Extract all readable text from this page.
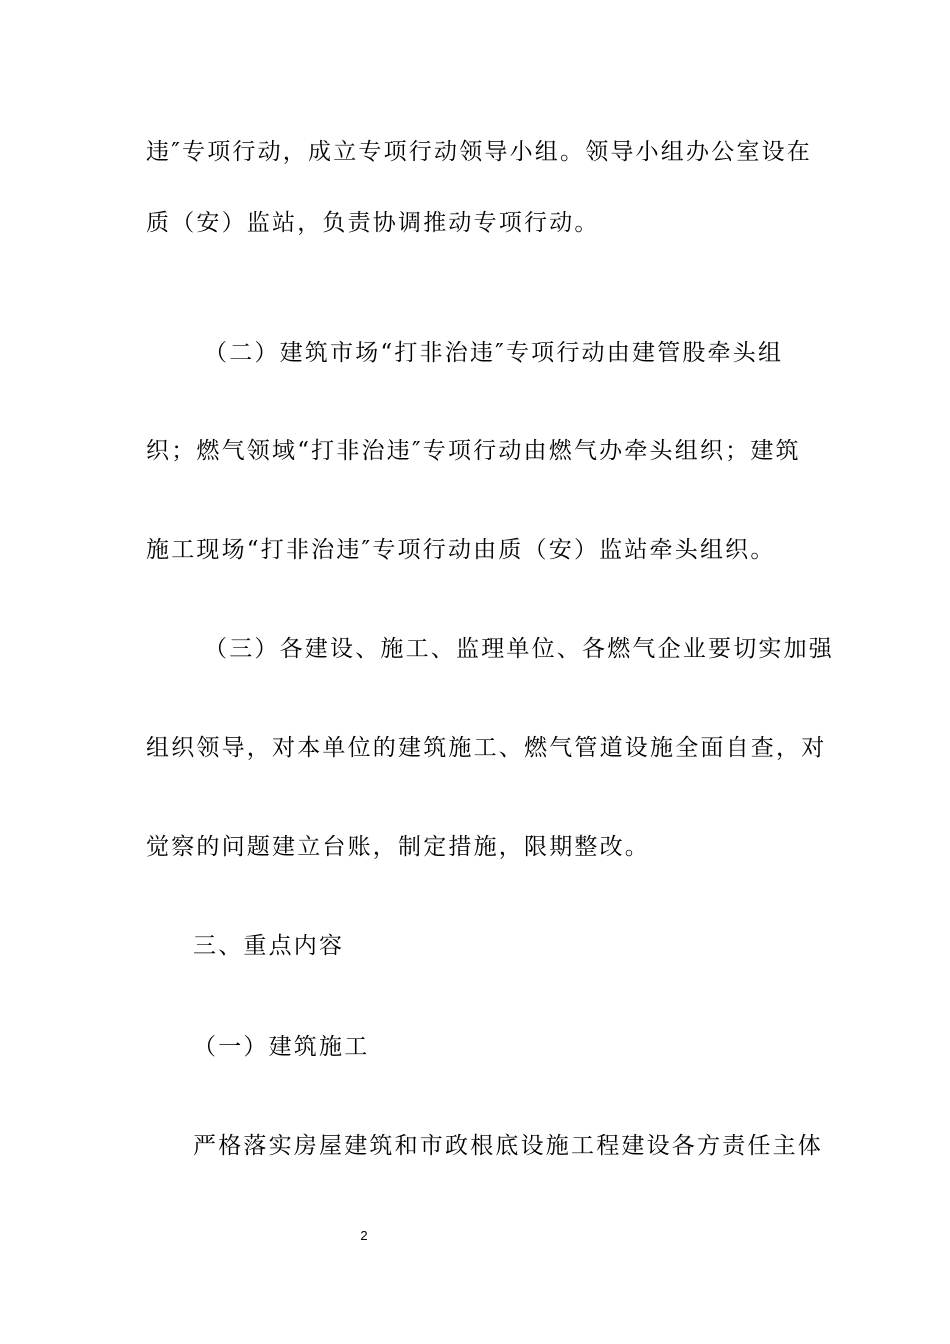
违″专项行动，成立专项行动领导小组。领导小组办公室设在
质（安）监站，负责协调推动专项行动。
（二）建筑市场“打非治违″专项行动由建管股牵头组
织；燃气领域“打非治违″专项行动由燃气办牵头组织；建筑
施工现场“打非治违″专项行动由质（安）监站牵头组织。
（三）各建设、施工、监理单位、各燃气企业要切实加强
组织领导，对本单位的建筑施工、燃气管道设施全面自查，对
觉察的问题建立台账，制定措施，限期整改。
三、重点内容
（一）建筑施工
严格落实房屋建筑和市政根底设施工程建设各方责任主体
2
